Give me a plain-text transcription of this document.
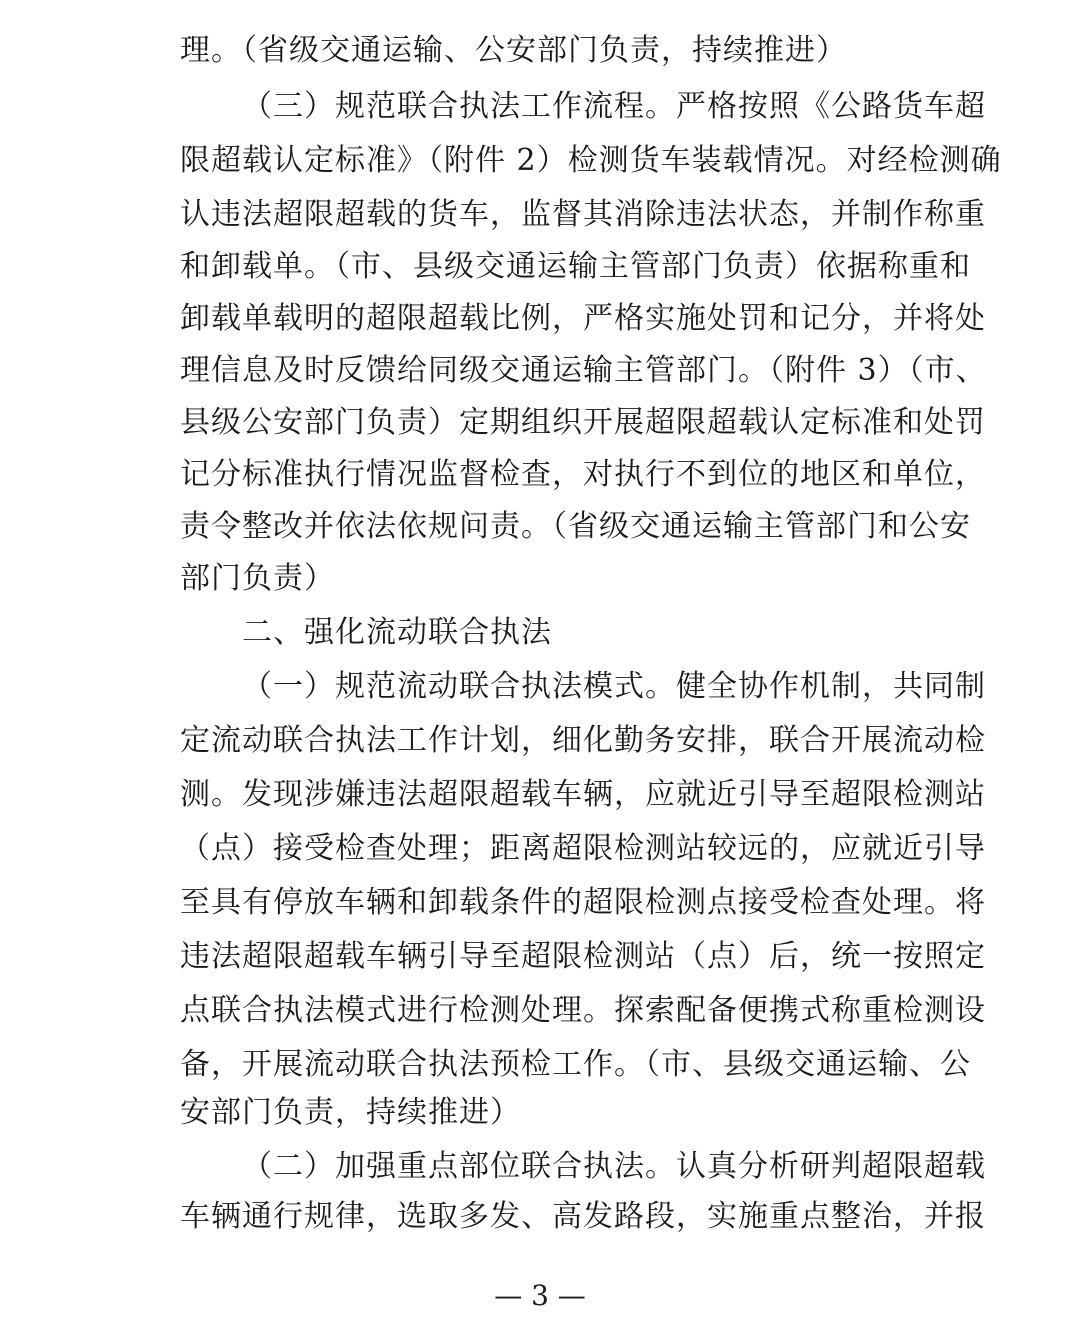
理。（省级交通运输、公安部门负责，持续推进）
（三）规范联合执法工作流程。严格按照《公路货车超
限超载认定标准》（附件 2）检测货车装载情况。对经检测确
认违法超限超载的货车，监督其消除违法状态，并制作称重
和卸载单。（市、县级交通运输主管部门负责）依据称重和
卸载单载明的超限超载比例，严格实施处罚和记分，并将处
理信息及时反馈给同级交通运输主管部门。（附件 3）（市、
县级公安部门负责）定期组织开展超限超载认定标准和处罚
记分标准执行情况监督检查，对执行不到位的地区和单位，
责令整改并依法依规问责。（省级交通运输主管部门和公安
部门负责）
二、强化流动联合执法
（一）规范流动联合执法模式。健全协作机制，共同制
定流动联合执法工作计划，细化勤务安排，联合开展流动检
测。发现涉嫌违法超限超载车辆，应就近引导至超限检测站
（点）接受检查处理；距离超限检测站较远的，应就近引导
至具有停放车辆和卸载条件的超限检测点接受检查处理。将
违法超限超载车辆引导至超限检测站（点）后，统一按照定
点联合执法模式进行检测处理。探索配备便携式称重检测设
备，开展流动联合执法预检工作。（市、县级交通运输、公
安部门负责，持续推进）
（二）加强重点部位联合执法。认真分析研判超限超载
车辆通行规律，选取多发、高发路段，实施重点整治，并报
— 3 —
